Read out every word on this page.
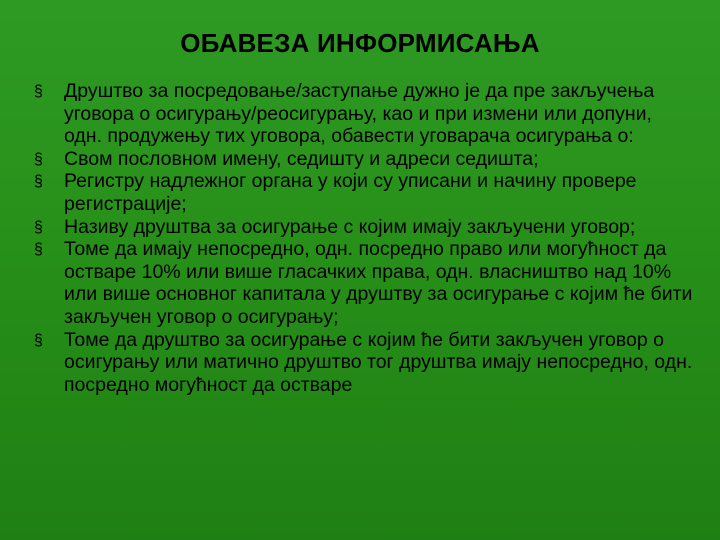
ОБАВЕЗА ИНФОРМИСАЊА
§ Друштво за посредовање/заступање дужно је да пре закључења уговора о осигурању/реосигурању, као и при измени или допуни, одн. продужењу тих уговора, обавести уговарача осигурања о:
§ Свом пословном имену, седишту и адреси седишта;
§ Регистру надлежног органа у који су уписани и начину провере регистрације;
§ Називу друштва за осигурање с којим имају закључени уговор;
§ Томе да имају непосредно, одн. посредно право или могућност да остваре 10% или више гласачких права, одн. власништво над 10% или више основног капитала у друштву за осигурање с којим ће бити закључен уговор о осигурању;
§ Томе да друштво за осигурање с којим ће бити закључен уговор о осигурању или матично друштво тог друштва имају непосредно, одн. посредно могућност да остваре
